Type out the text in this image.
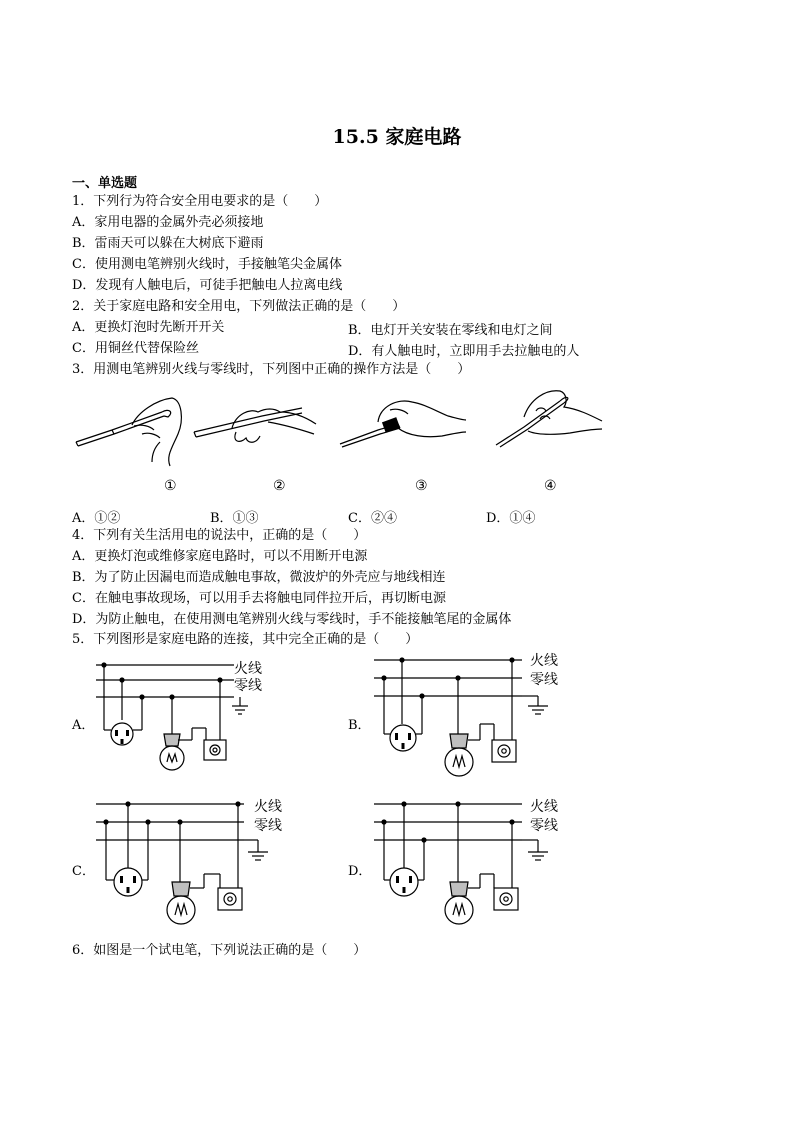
15.5 家庭电路
一、单选题
1．下列行为符合安全用电要求的是（　　）
A．家用电器的金属外壳必须接地
B．雷雨天可以躲在大树底下避雨
C．使用测电笔辨别火线时，手接触笔尖金属体
D．发现有人触电后，可徒手把触电人拉离电线
2．关于家庭电路和安全用电，下列做法正确的是（　　）
A．更换灯泡时先断开开关	B．电灯开关安装在零线和电灯之间
C．用铜丝代替保险丝	D．有人触电时，立即用手去拉触电的人
3．用测电笔辨别火线与零线时，下列图中正确的操作方法是（　　）
①	②	③	④
A．①②	B．①③	C．②④	D．①④
4．下列有关生活用电的说法中，正确的是（　　）
A．更换灯泡或维修家庭电路时，可以不用断开电源
B．为了防止因漏电而造成触电事故，微波炉的外壳应与地线相连
C．在触电事故现场，可以用手去将触电同伴拉开后，再切断电源
D．为防止触电，在使用测电笔辨别火线与零线时，手不能接触笔尾的金属体
5．下列图形是家庭电路的连接，其中完全正确的是（　　）
A．
火线
零线
B．
火线
零线
C．
火线
零线
D．
火线
零线
6．如图是一个试电笔，下列说法正确的是（　　）
